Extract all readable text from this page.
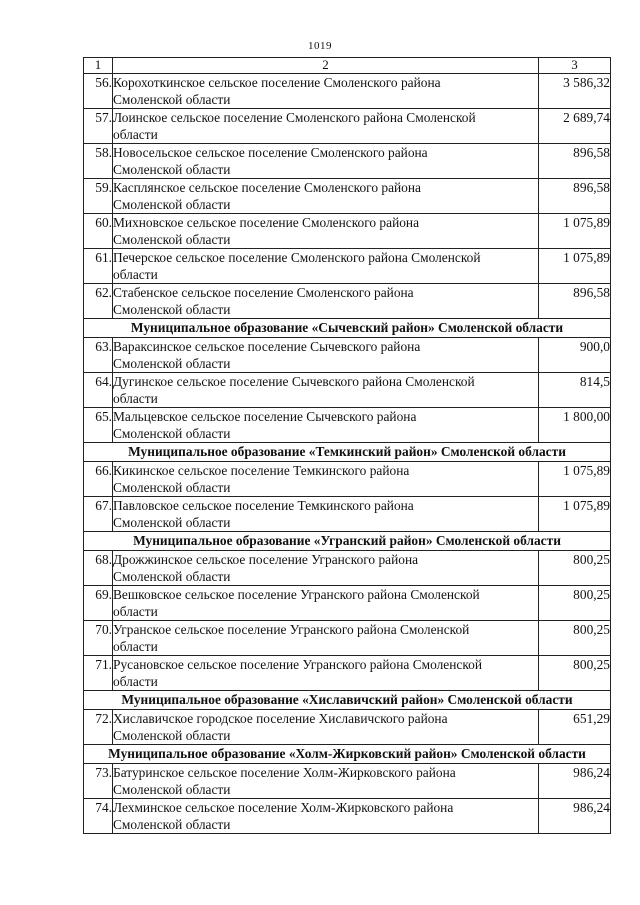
1019
1	2	3
56.	Корохоткинское сельское поселение Смоленского района
Смоленской области	3 586,32
57.	Лоинское сельское поселение Смоленского района Смоленской
области	2 689,74
58.	Новосельское сельское поселение Смоленского района
Смоленской области	896,58
59.	Касплянское сельское поселение Смоленского района
Смоленской области	896,58
60.	Михновское сельское поселение Смоленского района
Смоленской области	1 075,89
61.	Печерское сельское поселение Смоленского района Смоленской
области	1 075,89
62.	Стабенское сельское поселение Смоленского района
Смоленской области	896,58
Муниципальное образование «Сычевский район» Смоленской области		
63.	Вараксинское сельское поселение Сычевского района
Смоленской области	900,0
64.	Дугинское сельское поселение Сычевского района Смоленской
области	814,5
65.	Мальцевское сельское поселение Сычевского района
Смоленской области	1 800,00
Муниципальное образование «Темкинский район» Смоленской области		
66.	Кикинское сельское поселение Темкинского района
Смоленской области	1 075,89
67.	Павловское сельское поселение Темкинского района
Смоленской области	1 075,89
Муниципальное образование «Угранский район» Смоленской области		
68.	Дрожжинское сельское поселение Угранского района
Смоленской области	800,25
69.	Вешковское сельское поселение Угранского района Смоленской
области	800,25
70.	Угранское сельское поселение Угранского района Смоленской
области	800,25
71.	Русановское сельское поселение Угранского района Смоленской
области	800,25
Муниципальное образование «Хиславичский район» Смоленской области		
72.	Хиславичское городское поселение Хиславичского района
Смоленской области	651,29
Муниципальное образование «Холм-Жирковский район» Смоленской области		
73.	Батуринское сельское поселение Холм-Жирковского района
Смоленской области	986,24
74.	Лехминское сельское поселение Холм-Жирковского района
Смоленской области	986,24
